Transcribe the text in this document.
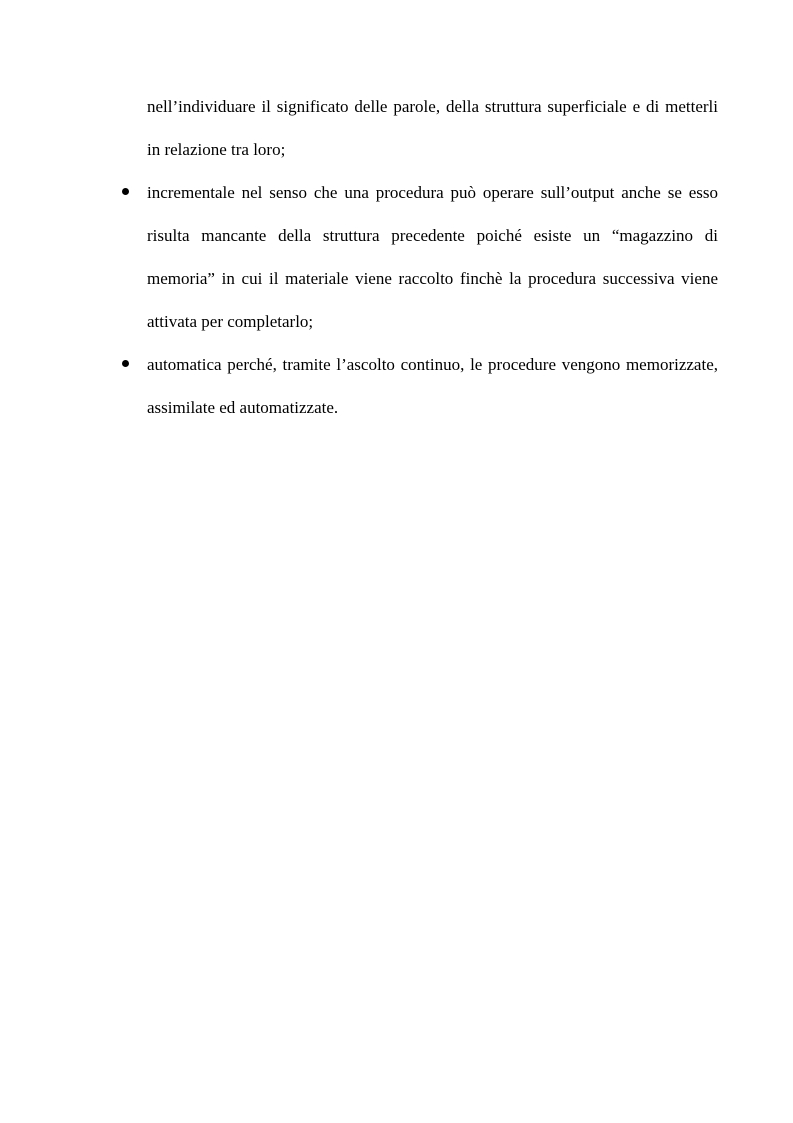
nell’individuare il significato delle parole, della struttura superficiale e di metterli in relazione tra loro;
incrementale nel senso che una procedura può operare sull’output anche se esso risulta mancante della struttura precedente poiché esiste un “magazzino di memoria” in cui il materiale viene raccolto finchè la procedura successiva viene attivata per completarlo;
automatica perché, tramite l’ascolto continuo, le procedure vengono memorizzate, assimilate ed automatizzate.
